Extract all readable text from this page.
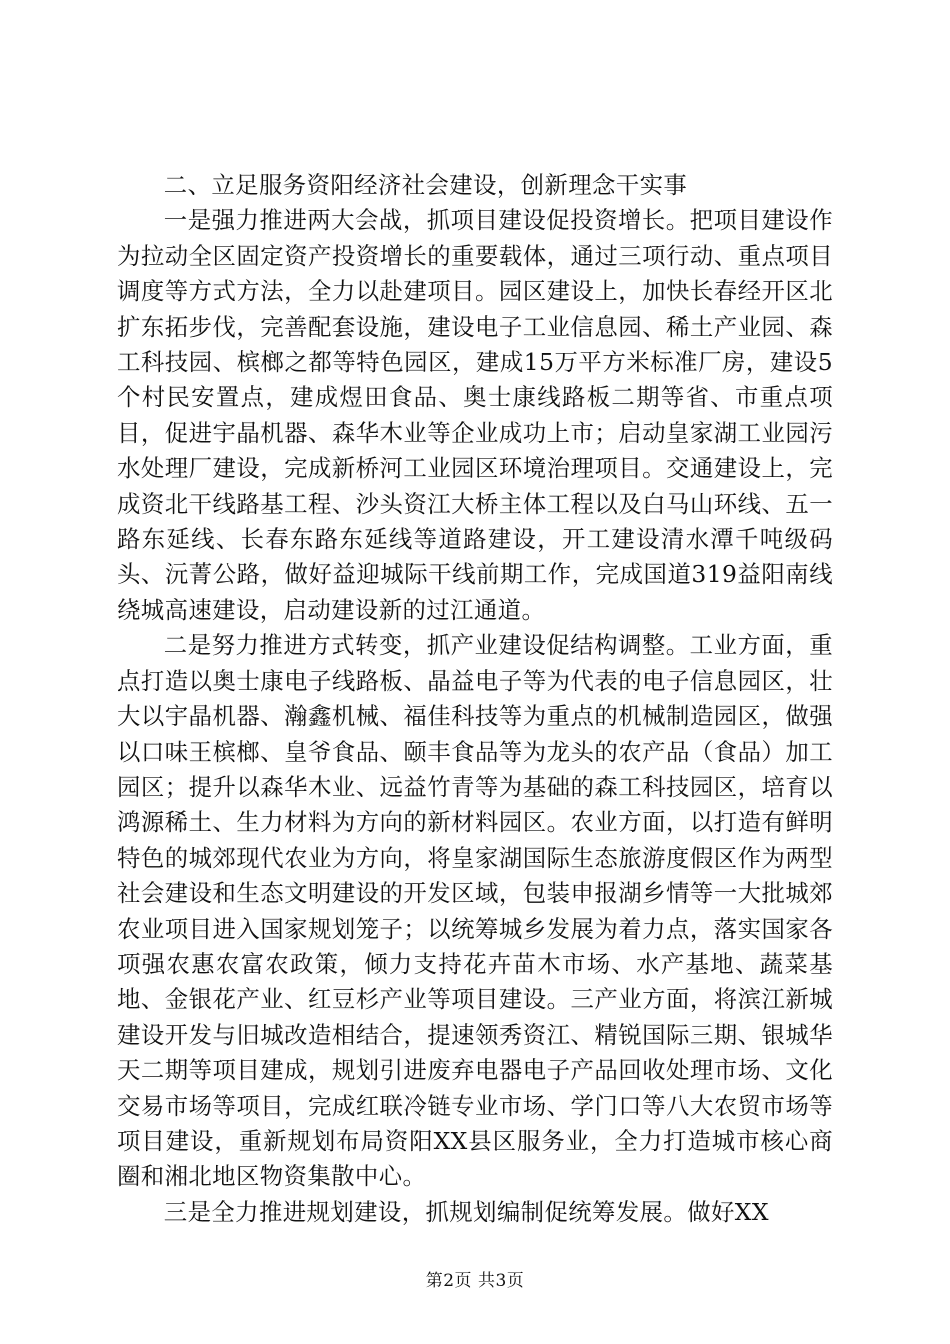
二、立足服务资阳经济社会建设，创新理念干实事

一是强力推进两大会战，抓项目建设促投资增长。把项目建设作为拉动全区固定资产投资增长的重要载体，通过三项行动、重点项目调度等方式方法，全力以赴建项目。园区建设上，加快长春经开区北扩东拓步伐，完善配套设施，建设电子工业信息园、稀土产业园、森工科技园、槟榔之都等特色园区，建成15万平方米标准厂房，建设5个村民安置点，建成煜田食品、奥士康线路板二期等省、市重点项目，促进宇晶机器、森华木业等企业成功上市；启动皇家湖工业园污水处理厂建设，完成新桥河工业园区环境治理项目。交通建设上，完成资北干线路基工程、沙头资江大桥主体工程以及白马山环线、五一路东延线、长春东路东延线等道路建设，开工建设清水潭千吨级码头、沅菁公路，做好益迎城际干线前期工作，完成国道319益阳南线绕城高速建设，启动建设新的过江通道。

二是努力推进方式转变，抓产业建设促结构调整。工业方面，重点打造以奥士康电子线路板、晶益电子等为代表的电子信息园区，壮大以宇晶机器、瀚鑫机械、福佳科技等为重点的机械制造园区，做强以口味王槟榔、皇爷食品、颐丰食品等为龙头的农产品（食品）加工园区；提升以森华木业、远益竹青等为基础的森工科技园区，培育以鸿源稀土、生力材料为方向的新材料园区。农业方面，以打造有鲜明特色的城郊现代农业为方向，将皇家湖国际生态旅游度假区作为两型社会建设和生态文明建设的开发区域，包装申报湖乡情等一大批城郊农业项目进入国家规划笼子；以统筹城乡发展为着力点，落实国家各项强农惠农富农政策，倾力支持花卉苗木市场、水产基地、蔬菜基地、金银花产业、红豆杉产业等项目建设。三产业方面，将滨江新城建设开发与旧城改造相结合，提速领秀资江、精锐国际三期、银城华天二期等项目建成，规划引进废弃电器电子产品回收处理市场、文化交易市场等项目，完成红联冷链专业市场、学门口等八大农贸市场等项目建设，重新规划布局资阳XX县区服务业，全力打造城市核心商圈和湘北地区物资集散中心。

三是全力推进规划建设，抓规划编制促统筹发展。做好XX

第2页 共3页
